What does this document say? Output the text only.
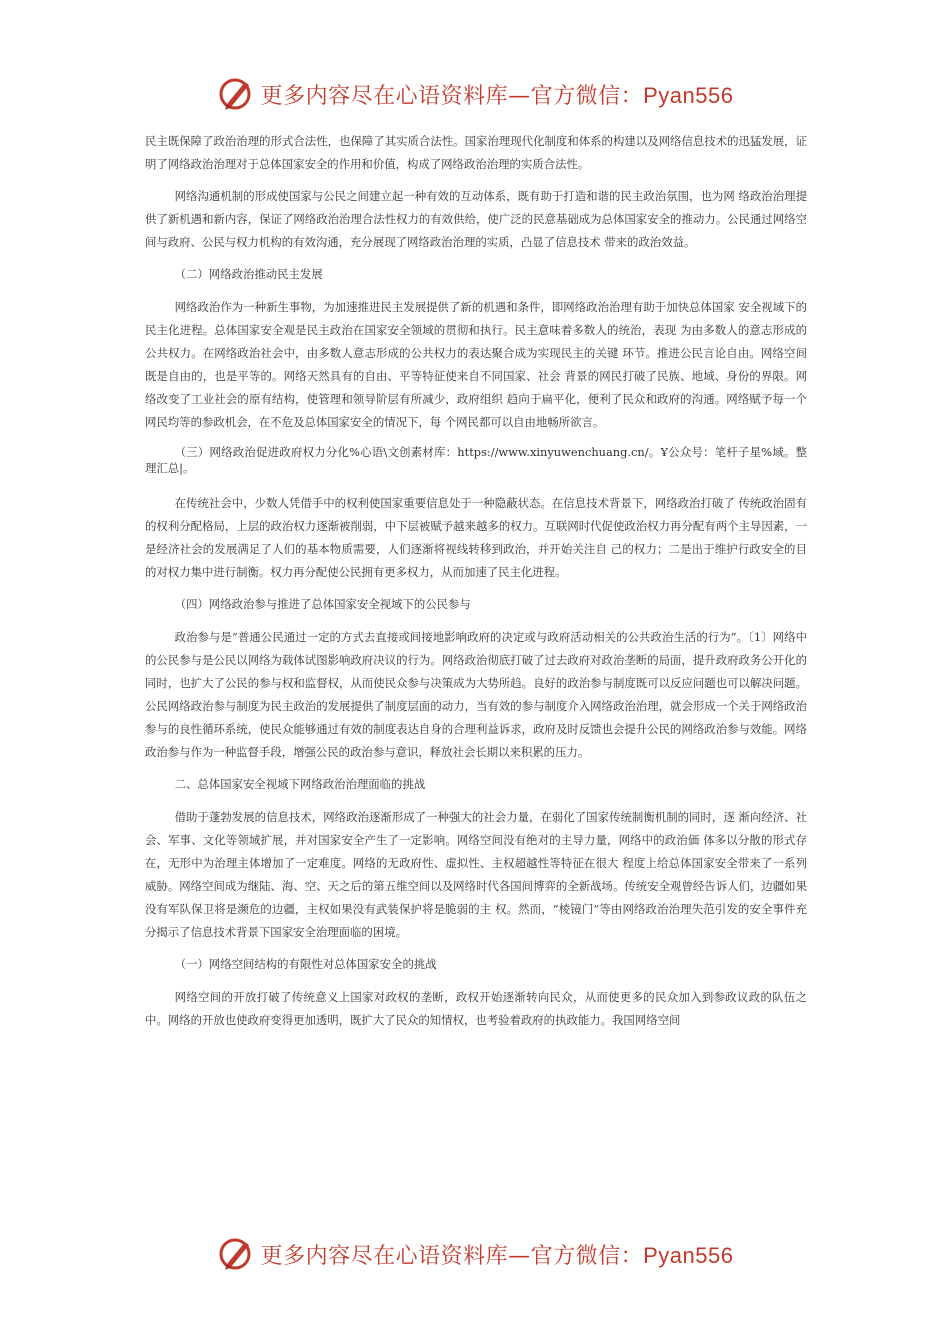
更多内容尽在心语资料库—官方微信：Pyan556

民主既保障了政治治理的形式合法性，也保障了其实质合法性。国家治理现代化制度和体系的构建以及网络信息技术的迅猛发展，证明了网络政治治理对于总体国家安全的作用和价值，构成了网络政治治理的实质合法性。

网络沟通机制的形成使国家与公民之间建立起一种有效的互动体系，既有助于打造和谐的民主政治氛围，也为网 络政治治理提供了新机遇和新内容，保证了网络政治治理合法性权力的有效供给，使广泛的民意基础成为总体国家安全的推动力。公民通过网络空间与政府、公民与权力机构的有效沟通，充分展现了网络政治治理的实质，凸显了信息技术 带来的政治效益。

（二）网络政治推动民主发展

网络政治作为一种新生事物，为加速推进民主发展提供了新的机遇和条件，即网络政治治理有助于加快总体国家 安全视域下的民主化进程。总体国家安全观是民主政治在国家安全领域的贯彻和执行。民主意味着多数人的统治，表现 为由多数人的意志形成的公共权力。在网络政治社会中，由多数人意志形成的公共权力的表达聚合成为实现民主的关键 环节。推进公民言论自由。网络空间既是自由的，也是平等的。网络天然具有的自由、平等特征使来自不同国家、社会 背景的网民打破了民族、地域、身份的界限。网络改变了工业社会的原有结构，使管理和领导阶层有所减少，政府组织 趋向于扁平化，便利了民众和政府的沟通。网络赋予每一个网民均等的参政机会，在不危及总体国家安全的情况下，每 个网民都可以自由地畅所欲言。

（三）网络政治促进政府权力分化%心语\文创素材库：https://www.xinyuwenchuang.cn/。Ұ公众号：笔杆子星%域。整理汇总|。

在传统社会中，少数人凭借手中的权利使国家重要信息处于一种隐蔽状态。在信息技术背景下，网络政治打破了 传统政治固有的权利分配格局，上层的政治权力逐渐被削弱，中下层被赋予越来越多的权力。互联网时代促使政治权力再分配有两个主导因素，一是经济社会的发展满足了人们的基本物质需要，人们逐渐将视线转移到政治，并开始关注自 己的权力；二是出于维护行政安全的目的对权力集中进行制衡。权力再分配使公民拥有更多权力，从而加速了民主化进程。

（四）网络政治参与推进了总体国家安全视域下的公民参与

政治参与是“普通公民通过一定的方式去直接或间接地影响政府的决定或与政府活动相关的公共政治生活的行为”。〔1〕网络中的公民参与是公民以网络为载体试图影响政府决议的行为。网络政治彻底打破了过去政府对政治垄断的局面，提升政府政务公开化的同时，也扩大了公民的参与权和监督权，从而使民众参与决策成为大势所趋。良好的政治参与制度既可以反应问题也可以解决问题。公民网络政治参与制度为民主政治的发展提供了制度层面的动力，当有效的参与制度介入网络政治治理，就会形成一个关于网络政治参与的良性循环系统，使民众能够通过有效的制度表达自身的合理利益诉求，政府及时反馈也会提升公民的网络政治参与效能。网络政治参与作为一种监督手段，增强公民的政治参与意识，释放社会长期以来积累的压力。

二、总体国家安全视域下网络政治治理面临的挑战

借助于蓬勃发展的信息技术，网络政治逐渐形成了一种强大的社会力量，在弱化了国家传统制衡机制的同时，逐 渐向经济、社会、军事、文化等领域扩展，并对国家安全产生了一定影响。网络空间没有绝对的主导力量，网络中的政治価 体多以分散的形式存在，无形中为治理主体增加了一定难度。网络的无政府性、虚拟性、主权超越性等特征在很大 程度上给总体国家安全带来了一系列威胁。网络空间成为继陆、海、空、天之后的第五维空间以及网络时代各国间博弈的全新战场。传统安全观曾经告诉人们，边疆如果没有军队保卫将是濒危的边疆，主权如果没有武装保护将是脆弱的主 权。然而，“棱镜门”等由网络政治治理失范引发的安全事件充分揭示了信息技术背景下国家安全治理面临的困境。

（一）网络空间结构的有限性对总体国家安全的挑战

网络空间的开放打破了传统意义上国家对政权的垄断，政权开始逐渐转向民众，从而使更多的民众加入到参政议政的队伍之中。网络的开放也使政府变得更加透明，既扩大了民众的知情权，也考验着政府的执政能力。我国网络空间

更多内容尽在心语资料库—官方微信：Pyan556
